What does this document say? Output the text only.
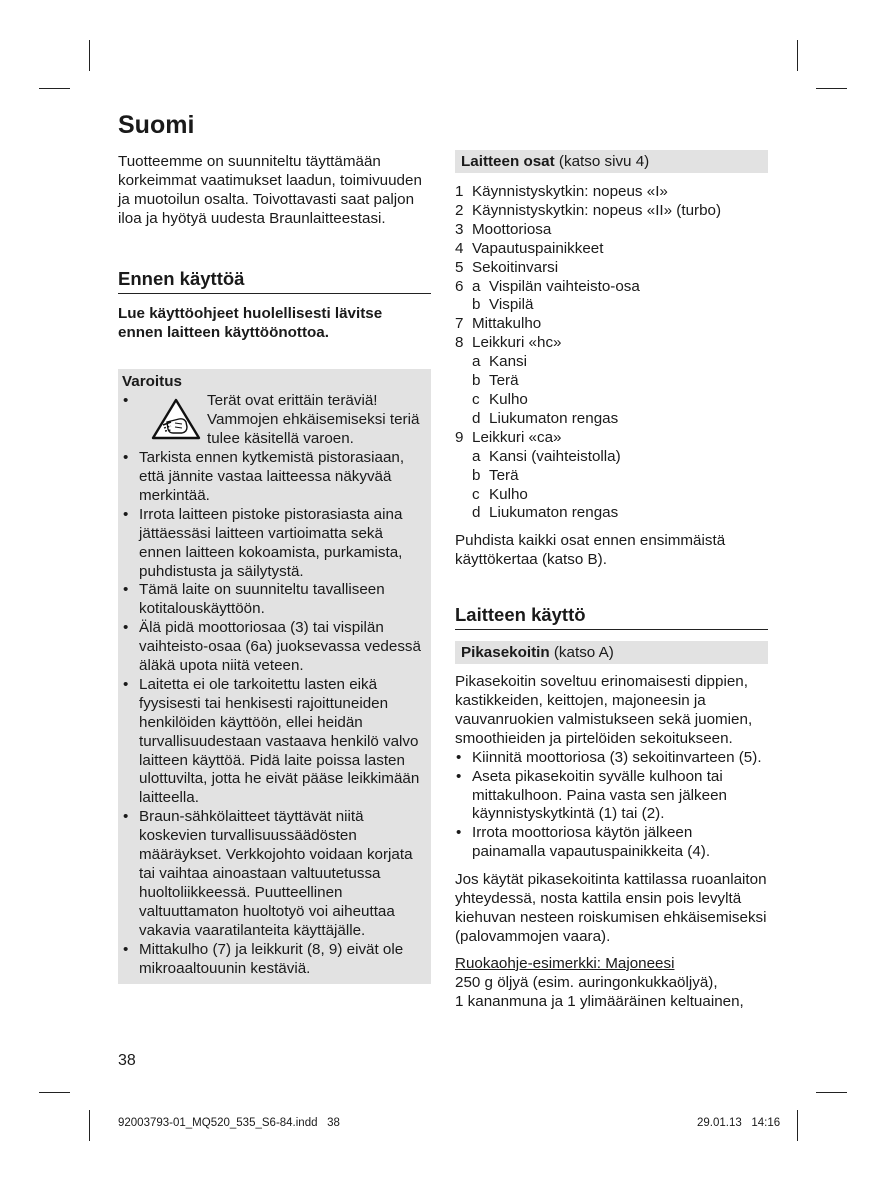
Suomi

Tuotteemme on suunniteltu täyttämään korkeimmat vaatimukset laadun, toimivuuden ja muotoilun osalta. Toivottavasti saat paljon iloa ja hyötyä uudesta Braunlaitteestasi.

Ennen käyttöä

Lue käyttöohjeet huolellisesti lävitse ennen laitteen käyttöönottoa.

Varoitus
•	Terät ovat erittäin teräviä! Vammojen ehkäisemiseksi teriä tulee käsitellä varoen.
• Tarkista ennen kytkemistä pistorasiaan, että jännite vastaa laitteessa näkyvää merkintää.
• Irrota laitteen pistoke pistorasiasta aina jättäessäsi laitteen vartioimatta sekä ennen laitteen kokoamista, purkamista, puhdistusta ja säilytystä.
• Tämä laite on suunniteltu tavalliseen kotitalouskäyttöön.
• Älä pidä moottoriosaa (3) tai vispilän vaihteisto-osaa (6a) juoksevassa vedessä äläkä upota niitä veteen.
• Laitetta ei ole tarkoitettu lasten eikä fyysisesti tai henkisesti rajoittuneiden henkilöiden käyttöön, ellei heidän turvallisuudestaan vastaava henkilö valvo laitteen käyttöä. Pidä laite poissa lasten ulottuvilta, jotta he eivät pääse leikkimään laitteella.
• Braun-sähkölaitteet täyttävät niitä koskevien turvallisuussäädösten määräykset. Verkkojohto voidaan korjata tai vaihtaa ainoastaan valtuutetussa huoltoliikkeessä. Puutteellinen valtuuttamaton huoltotyö voi aiheuttaa vakavia vaaratilanteita käyttäjälle.
• Mittakulho (7) ja leikkurit (8, 9) eivät ole mikroaaltouunin kestäviä.
Laitteen osat (katso sivu 4)
1 Käynnistyskytkin: nopeus «I»
2 Käynnistyskytkin: nopeus «II» (turbo)
3 Moottoriosa
4 Vapautuspainikkeet
5 Sekoitinvarsi
6 a Vispilän vaihteisto-osa
b Vispilä
7 Mittakulho
8 Leikkuri «hc»
a Kansi
b Terä
c Kulho
d Liukumaton rengas
9 Leikkuri «ca»
a Kansi (vaihteistolla)
b Terä
c Kulho
d Liukumaton rengas

Puhdista kaikki osat ennen ensimmäistä käyttökertaa (katso B).

Laitteen käyttö
Pikasekoitin (katso A)

Pikasekoitin soveltuu erinomaisesti dippien, kastikkeiden, keittojen, majoneesin ja vauvanruokien valmistukseen sekä juomien, smoothieiden ja pirtelöiden sekoitukseen.

• Kiinnitä moottoriosa (3) sekoitinvarteen (5).
• Aseta pikasekoitin syvälle kulhoon tai mittakulhoon. Paina vasta sen jälkeen käynnistyskytkintä (1) tai (2).
• Irrota moottoriosa käytön jälkeen painamalla vapautuspainikkeita (4).

Jos käytät pikasekoitinta kattilassa ruoanlaiton yhteydessä, nosta kattila ensin pois levyltä kiehuvan nesteen roiskumisen ehkäisemiseksi (palovammojen vaara).

Ruokaohje-esimerkki: Majoneesi

250 g öljyä (esim. auringonkukkaöljyä),

1 kananmuna ja 1 ylimääräinen keltuainen,

38
92003793-01_MQ520_535_S6-84.indd 38	29.01.13 14:16
